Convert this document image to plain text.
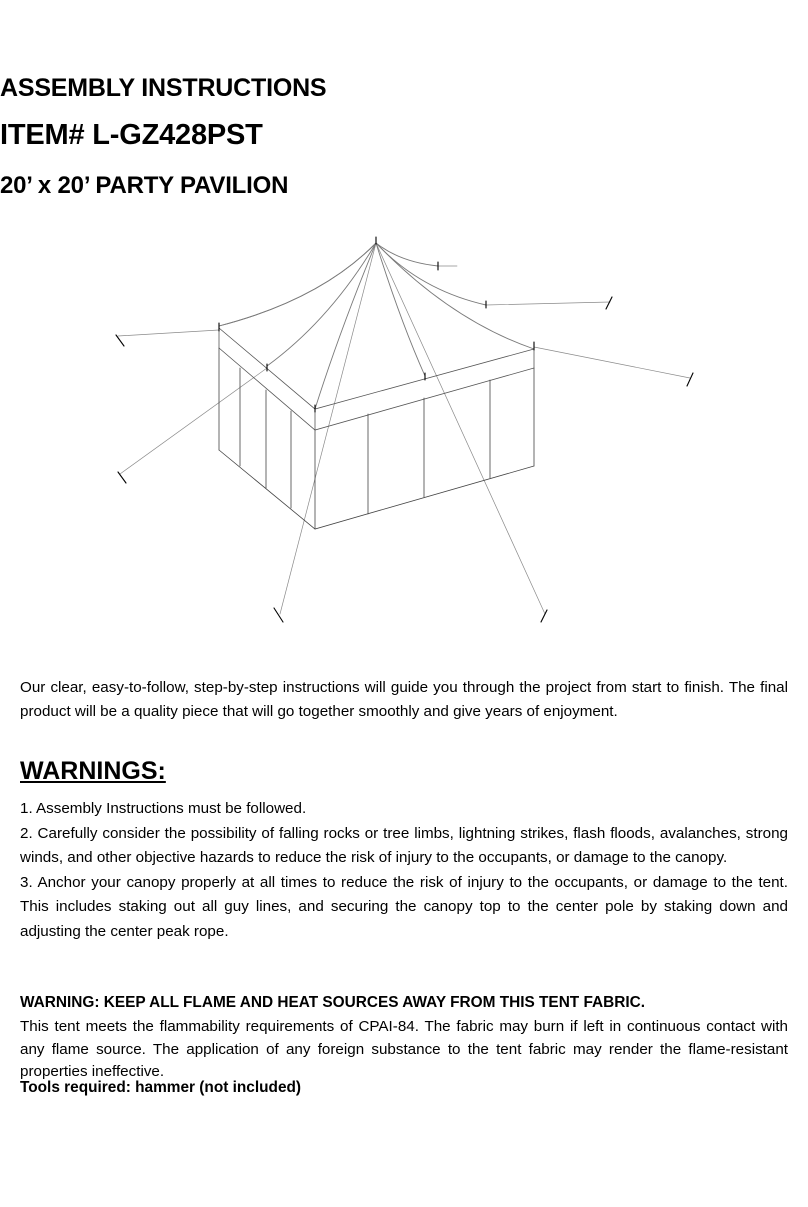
ASSEMBLY INSTRUCTIONS
ITEM# L-GZ428PST
20’ x 20’ PARTY PAVILION
Our clear, easy-to-follow, step-by-step instructions will guide you through the project from start to finish. The final product will be a quality piece that will go together smoothly and give years of enjoyment.
WARNINGS:

1. Assembly Instructions must be followed.

2. Carefully consider the possibility of falling rocks or tree limbs, lightning strikes, flash floods, avalanches, strong winds, and other objective hazards to reduce the risk of injury to the occupants, or damage to the canopy.

3. Anchor your canopy properly at all times to reduce the risk of injury to the occupants, or damage to the tent. This includes staking out all guy lines, and securing the canopy top to the center pole by staking down and adjusting the center peak rope.

WARNING: KEEP ALL FLAME AND HEAT SOURCES AWAY FROM THIS TENT FABRIC.
This tent meets the flammability requirements of CPAI-84. The fabric may burn if left in continuous contact with any flame source. The application of any foreign substance to the tent fabric may render the flame-resistant properties ineffective.
Tools required: hammer (not included)
